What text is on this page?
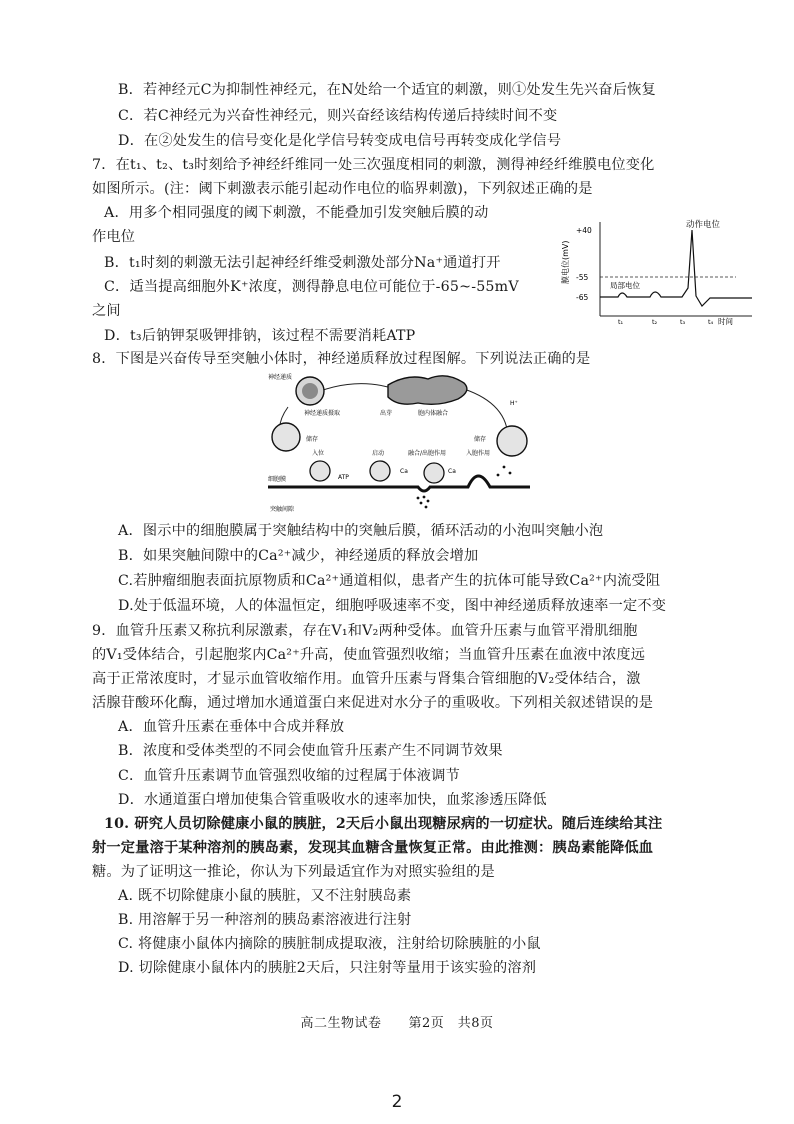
B．若神经元C为抑制性神经元，在N处给一个适宜的刺激，则①处发生先兴奋后恢复
C．若C神经元为兴奋性神经元，则兴奋经该结构传递后持续时间不变
D．在②处发生的信号变化是化学信号转变成电信号再转变成化学信号
7．在t₁、t₂、t₃时刻给予神经纤维同一处三次强度相同的刺激，测得神经纤维膜电位变化
如图所示。(注：阈下刺激表示能引起动作电位的临界刺激)，下列叙述正确的是
A．用多个相同强度的阈下刺激，不能叠加引发突触后膜的动
作电位
B．t₁时刻的刺激无法引起神经纤维受刺激处部分Na⁺通道打开
C．适当提高细胞外K⁺浓度，测得静息电位可能位于-65~-55mV
之间
D．t₃后钠钾泵吸钾排钠，该过程不需要消耗ATP
8．下图是兴奋传导至突触小体时，神经递质释放过程图解。下列说法正确的是
A．图示中的细胞膜属于突触结构中的突触后膜，循环活动的小泡叫突触小泡
B．如果突触间隙中的Ca²⁺减少，神经递质的释放会增加
C.若肿瘤细胞表面抗原物质和Ca²⁺通道相似，患者产生的抗体可能导致Ca²⁺内流受阻
D.处于低温环境，人的体温恒定，细胞呼吸速率不变，图中神经递质释放速率一定不变
9．血管升压素又称抗利尿激素，存在V₁和V₂两种受体。血管升压素与血管平滑肌细胞
的V₁受体结合，引起胞浆内Ca²⁺升高，使血管强烈收缩；当血管升压素在血液中浓度远
高于正常浓度时，才显示血管收缩作用。血管升压素与肾集合管细胞的V₂受体结合，激
活腺苷酸环化酶，通过增加水通道蛋白来促进对水分子的重吸收。下列相关叙述错误的是
A．血管升压素在垂体中合成并释放
B．浓度和受体类型的不同会使血管升压素产生不同调节效果
C．血管升压素调节血管强烈收缩的过程属于体液调节
D．水通道蛋白增加使集合管重吸收水的速率加快，血浆渗透压降低
10. 研究人员切除健康小鼠的胰脏，2天后小鼠出现糖尿病的一切症状。随后连续给其注
射一定量溶于某种溶剂的胰岛素，发现其血糖含量恢复正常。由此推测：胰岛素能降低血
糖。为了证明这一推论，你认为下列最适宜作为对照实验组的是
A. 既不切除健康小鼠的胰脏，又不注射胰岛素
B. 用溶解于另一种溶剂的胰岛素溶液进行注射
C. 将健康小鼠体内摘除的胰脏制成提取液，注射给切除胰脏的小鼠
D. 切除健康小鼠体内的胰脏2天后，只注射等量用于该实验的溶剂
动作电位
膜电位(mV)
+40
-55
-65
局部电位
t₁	t₂	t₃	t₄ 时间
神经递质
神经递质摄取	出芽	胞内体融合
H⁺
储存	储存
入位	启动	融合/出胞作用	入胞作用
ATP
Ca	Ca
细胞膜
突触间隙
高二生物试卷　　第2页　共8页
2
